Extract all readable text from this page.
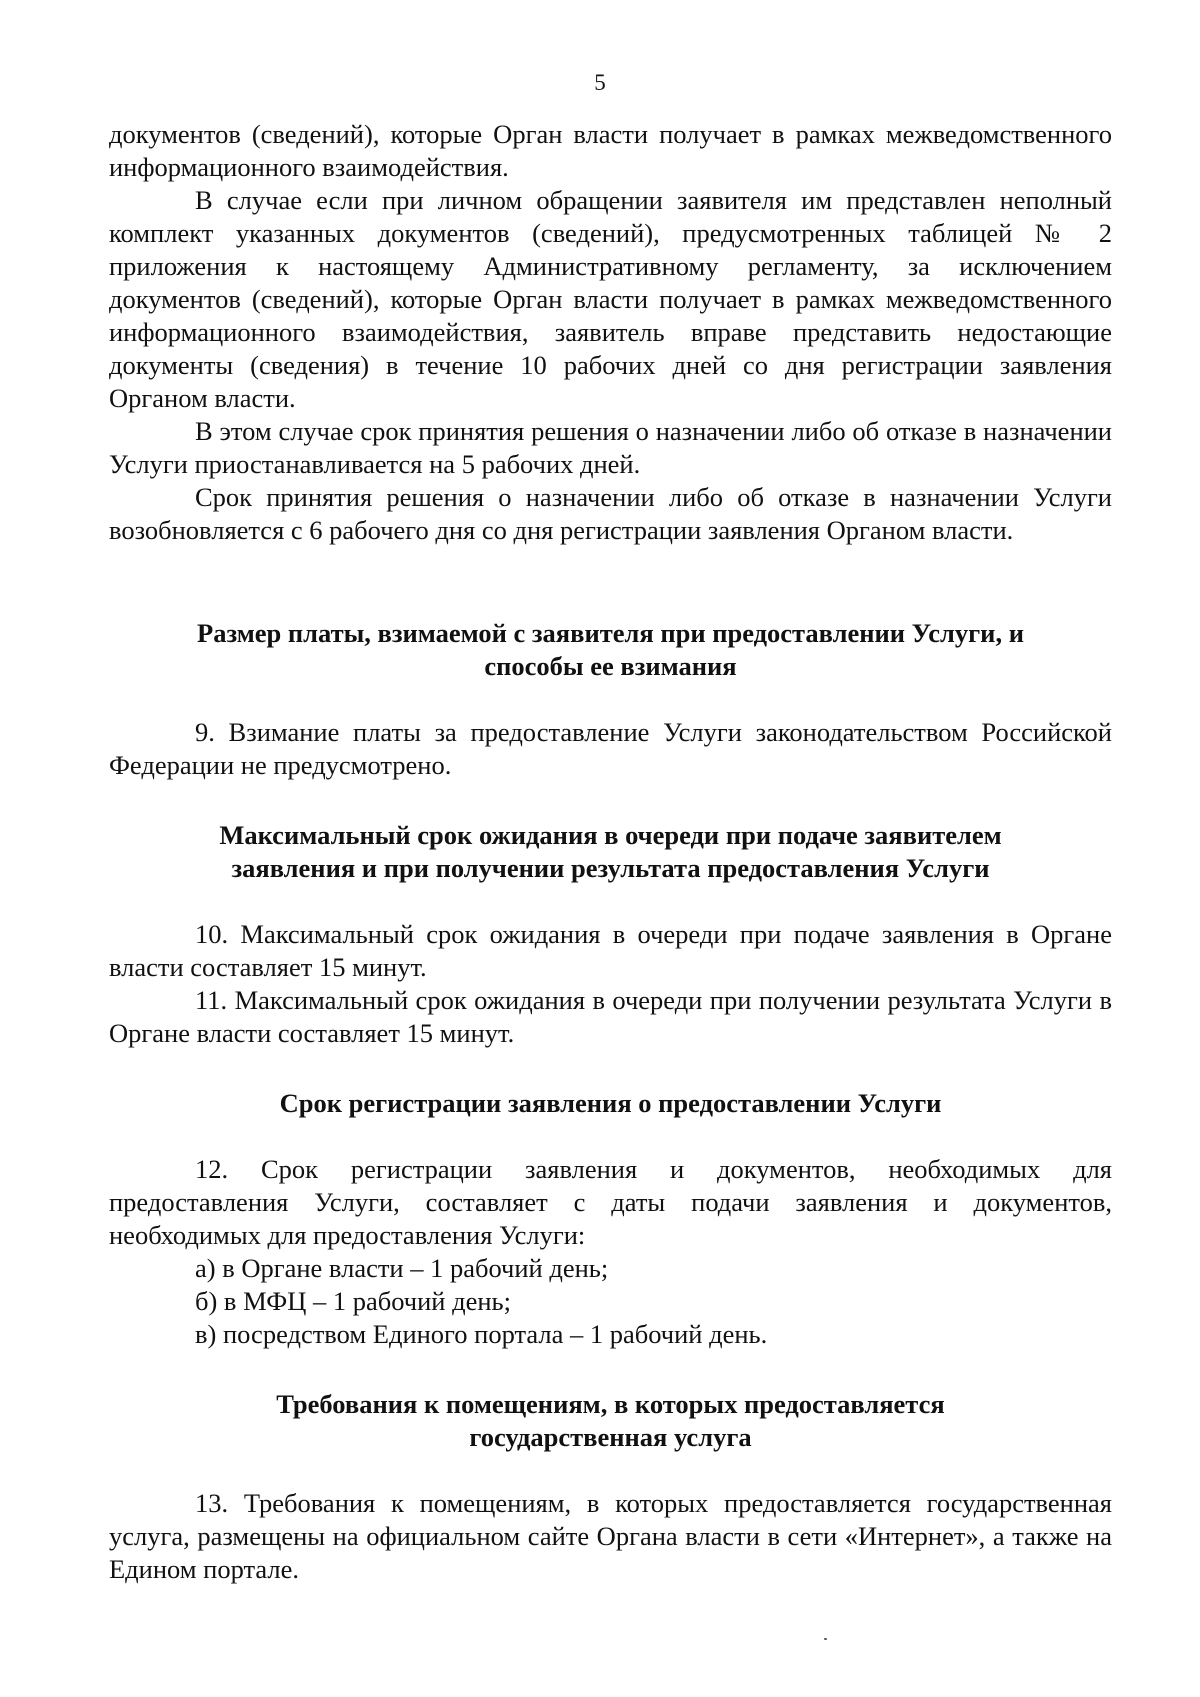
5

документов (сведений), которые Орган власти получает в рамках межведомственного информационного взаимодействия.

В случае если при личном обращении заявителя им представлен неполный комплект указанных документов (сведений), предусмотренных таблицей № 2 приложения к настоящему Административному регламенту, за исключением документов (сведений), которые Орган власти получает в рамках межведомственного информационного взаимодействия, заявитель вправе представить недостающие документы (сведения) в течение 10 рабочих дней со дня регистрации заявления Органом власти.

В этом случае срок принятия решения о назначении либо об отказе в назначении Услуги приостанавливается на 5 рабочих дней.

Срок принятия решения о назначении либо об отказе в назначении Услуги возобновляется с 6 рабочего дня со дня регистрации заявления Органом власти.

Размер платы, взимаемой с заявителя при предоставлении Услуги, и

способы ее взимания

9. Взимание платы за предоставление Услуги законодательством Российской Федерации не предусмотрено.

Максимальный срок ожидания в очереди при подаче заявителем

заявления и при получении результата предоставления Услуги

10. Максимальный срок ожидания в очереди при подаче заявления в Органе власти составляет 15 минут.

11. Максимальный срок ожидания в очереди при получении результата Услуги в Органе власти составляет 15 минут.

Срок регистрации заявления о предоставлении Услуги

12. Срок регистрации заявления и документов, необходимых для предоставления Услуги, составляет с даты подачи заявления и документов, необходимых для предоставления Услуги:

а) в Органе власти – 1 рабочий день;

б) в МФЦ – 1 рабочий день;

в) посредством Единого портала – 1 рабочий день.

Требования к помещениям, в которых предоставляется

государственная услуга

13. Требования к помещениям, в которых предоставляется государственная услуга, размещены на официальном сайте Органа власти в сети «Интернет», а также на Едином портале.
